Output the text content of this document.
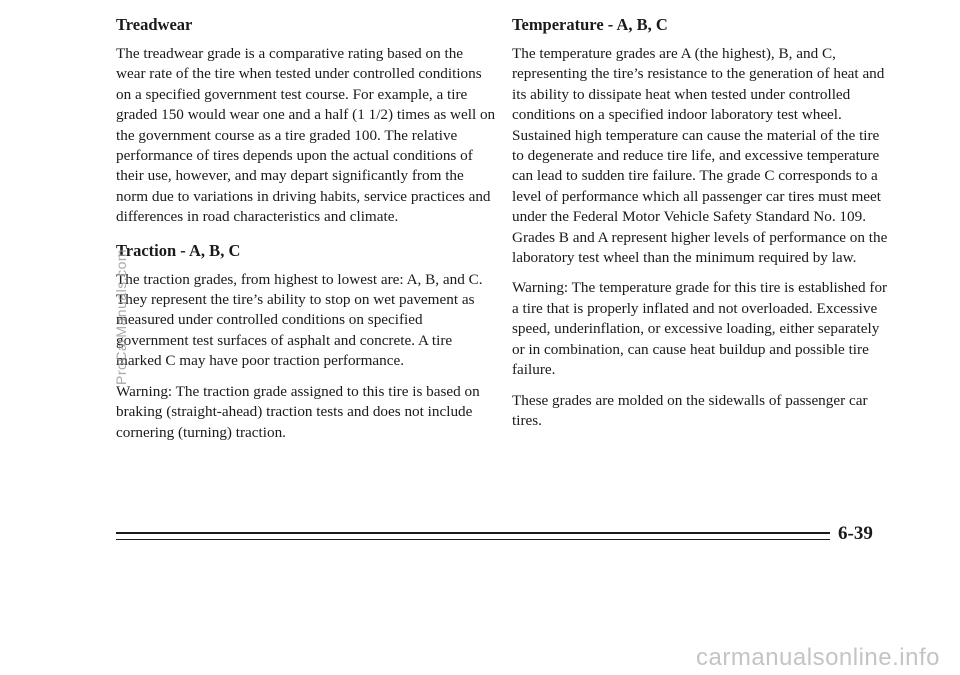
Treadwear

The treadwear grade is a comparative rating based on the wear rate of the tire when tested under controlled conditions on a specified government test course. For example, a tire graded 150 would wear one and a half (1 1/2) times as well on the government course as a tire graded 100. The relative performance of tires depends upon the actual conditions of their use, however, and may depart significantly from the norm due to variations in driving habits, service practices and differences in road characteristics and climate.

Traction - A, B, C

The traction grades, from highest to lowest are: A, B, and C. They represent the tire’s ability to stop on wet pavement as measured under controlled conditions on specified government test surfaces of asphalt and concrete. A tire marked C may have poor traction performance.

Warning: The traction grade assigned to this tire is based on braking (straight-ahead) traction tests and does not include cornering (turning) traction.

Temperature - A, B, C

The temperature grades are A (the highest), B, and C, representing the tire’s resistance to the generation of heat and its ability to dissipate heat when tested under controlled conditions on a specified indoor laboratory test wheel. Sustained high temperature can cause the material of the tire to degenerate and reduce tire life, and excessive temperature can lead to sudden tire failure. The grade C corresponds to a level of performance which all passenger car tires must meet under the Federal Motor Vehicle Safety Standard No. 109. Grades B and A represent higher levels of performance on the laboratory test wheel than the minimum required by law.

Warning: The temperature grade for this tire is established for a tire that is properly inflated and not overloaded. Excessive speed, underinflation, or excessive loading, either separately or in combination, can cause heat buildup and possible tire failure.

These grades are molded on the sidewalls of passenger car tires.

ProCarManuals.com
6-39
carmanualsonline.info
